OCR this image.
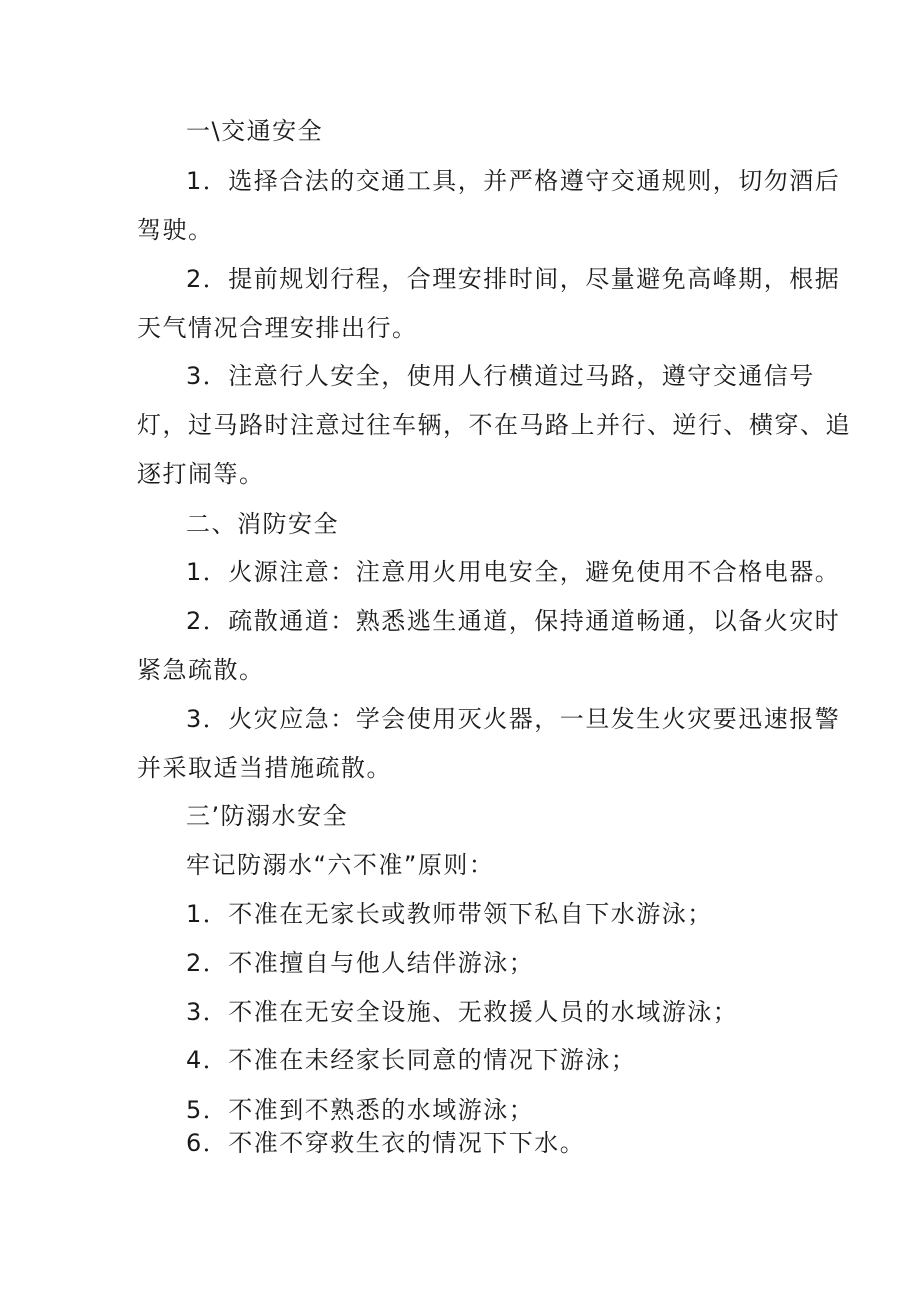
一\交通安全
1．选择合法的交通工具，并严格遵守交通规则，切勿酒后
驾驶。
2．提前规划行程，合理安排时间，尽量避免高峰期，根据
天气情况合理安排出行。
3．注意行人安全，使用人行横道过马路，遵守交通信号
灯，过马路时注意过往车辆，不在马路上并行、逆行、横穿、追
逐打闹等。
二、消防安全
1．火源注意：注意用火用电安全，避免使用不合格电器。
2．疏散通道：熟悉逃生通道，保持通道畅通，以备火灾时
紧急疏散。
3．火灾应急：学会使用灭火器，一旦发生火灾要迅速报警
并采取适当措施疏散。
三’防溺水安全
牢记防溺水“六不准”原则：
1．不准在无家长或教师带领下私自下水游泳；
2．不准擅自与他人结伴游泳；
3．不准在无安全设施、无救援人员的水域游泳；
4．不准在未经家长同意的情况下游泳；
5．不准到不熟悉的水域游泳；
6．不准不穿救生衣的情况下下水。
